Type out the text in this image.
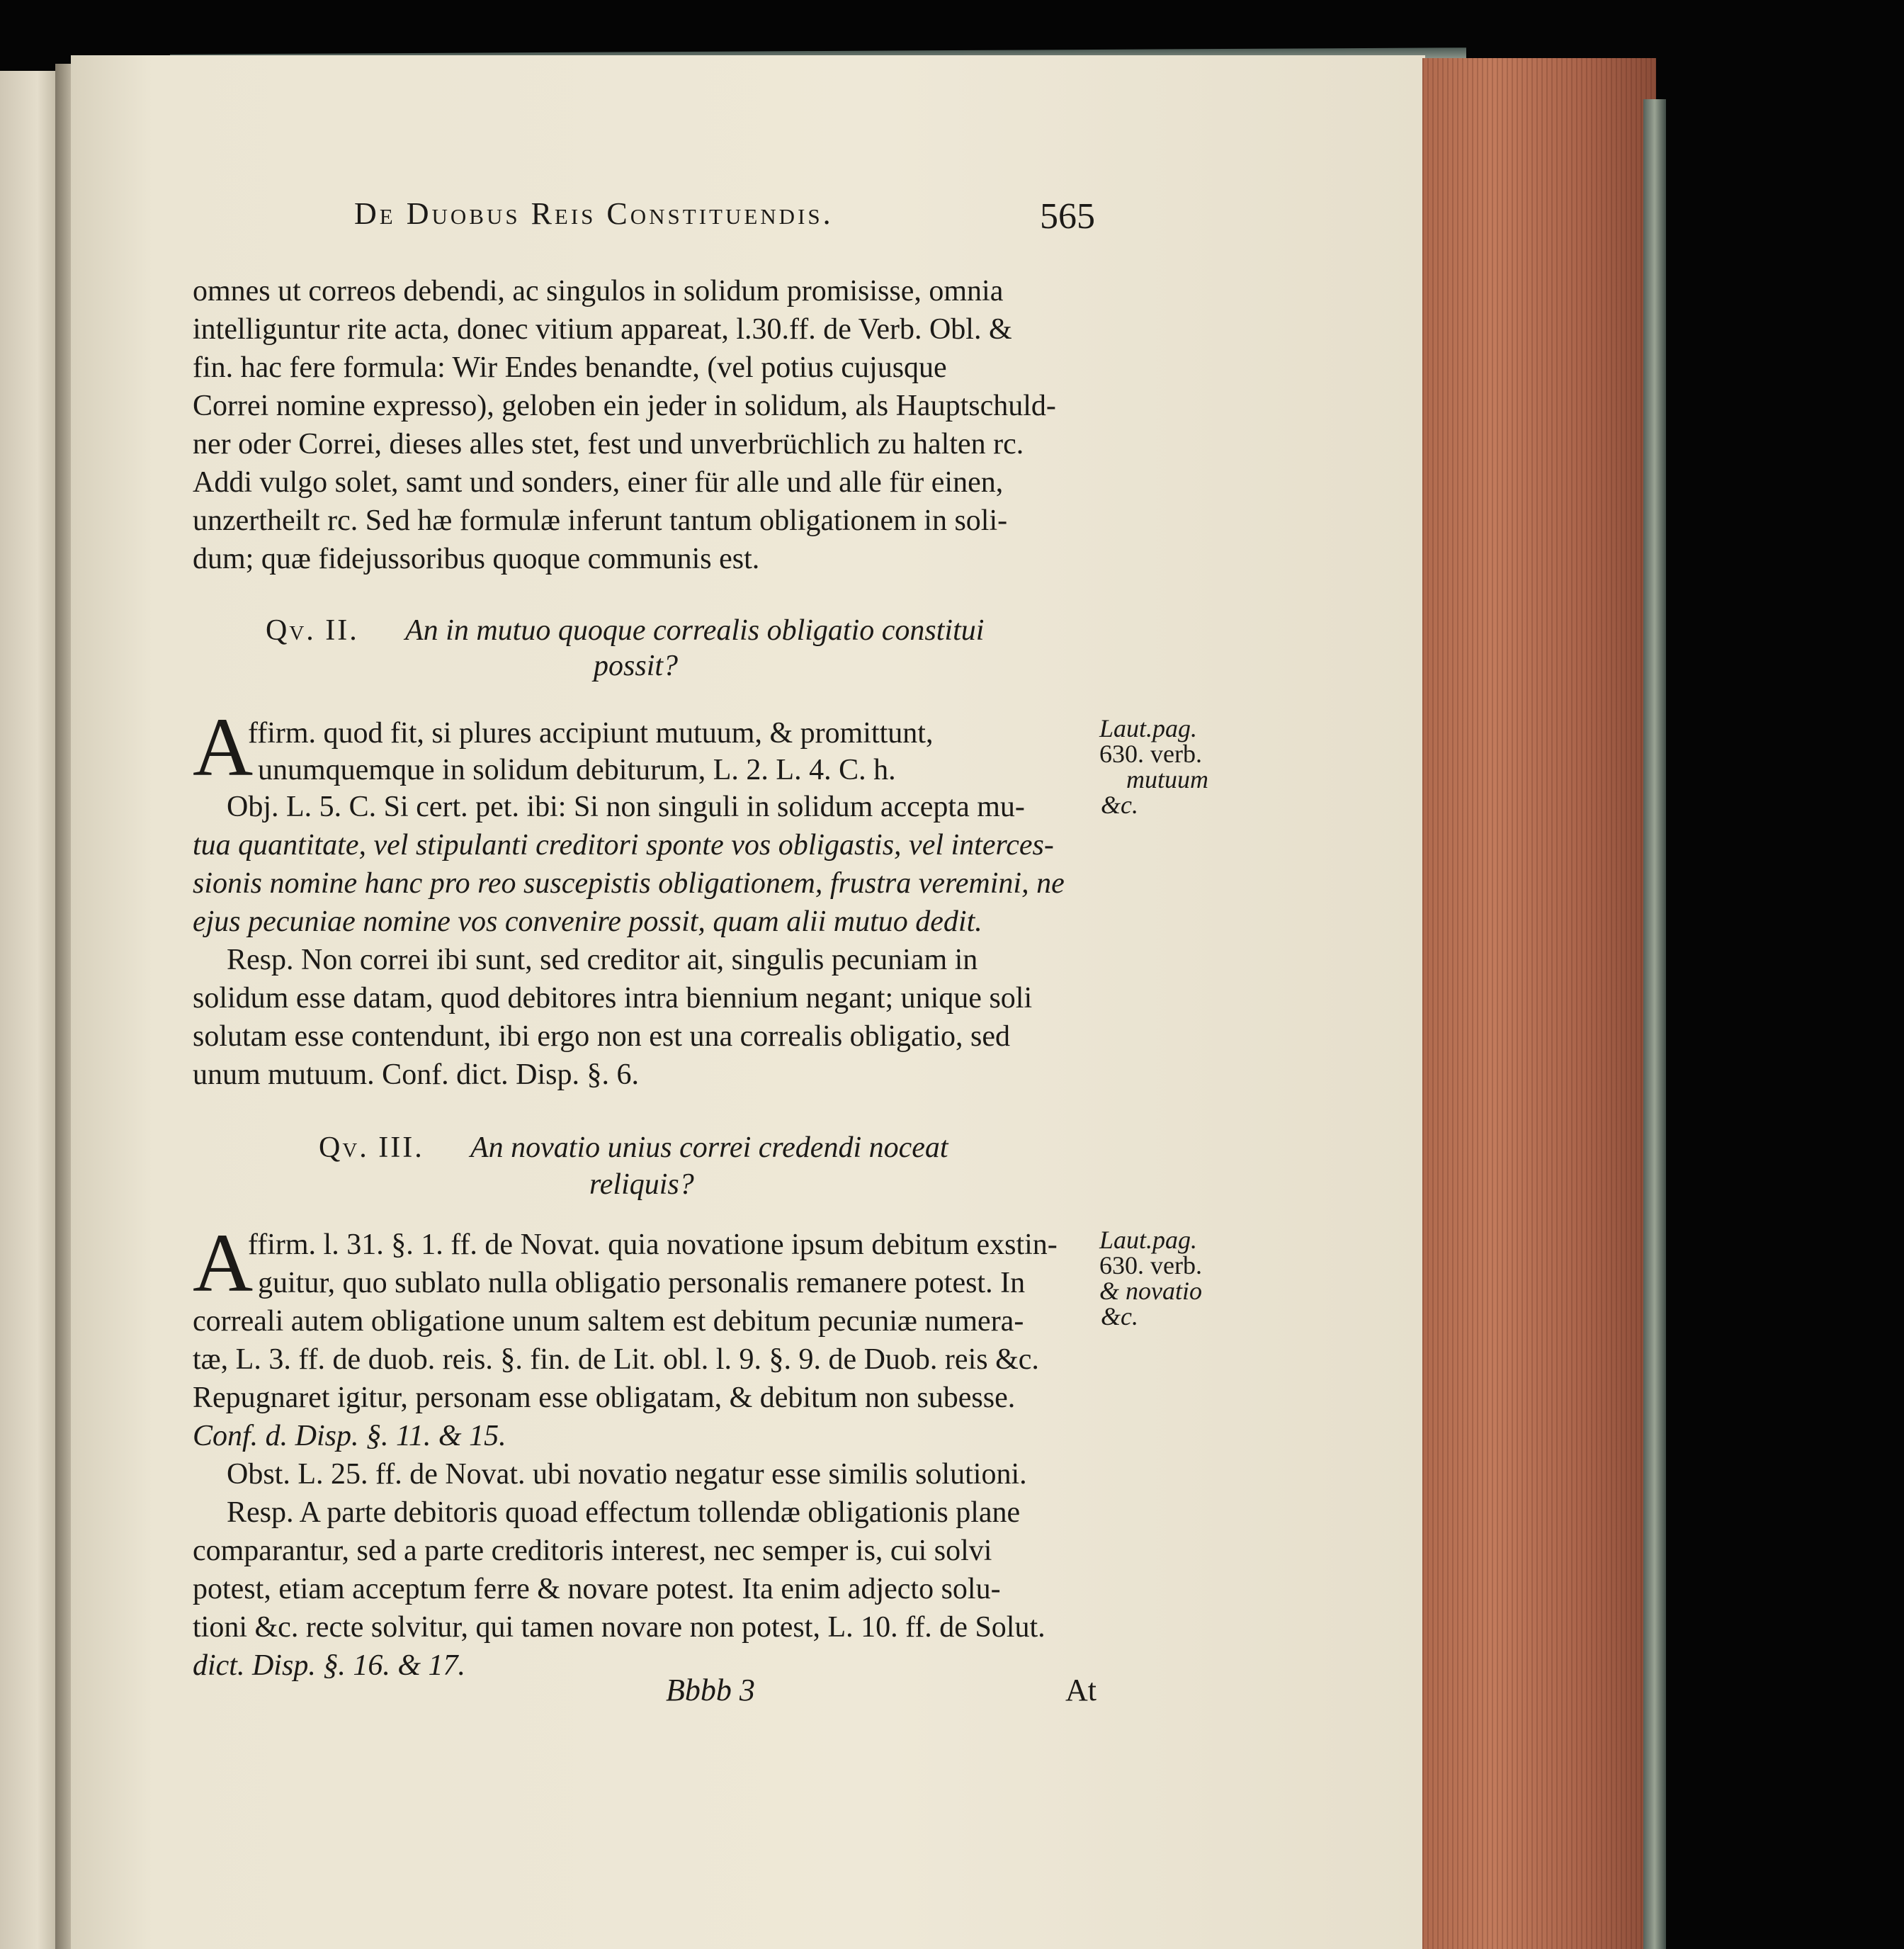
De Duobus Reis Constituendis.	565
omnes ut correos debendi, ac singulos in solidum promisisse, omnia
intelliguntur rite acta, donec vitium appareat, l.30.ff. de Verb. Obl. &
fin. hac fere formula: Wir Endes benandte, (vel potius cujusque
Correi nomine expresso), geloben ein jeder in solidum, als Hauptschuld-
ner oder Correi, dieses alles stet, fest und unverbrüchlich zu halten rc.
Addi vulgo solet, samt und sonders, einer für alle und alle für einen,
unzertheilt rc. Sed hæ formulæ inferunt tantum obligationem in soli-
dum; quæ fidejussoribus quoque communis est.
Qv. II. An in mutuo quoque correalis obligatio constitui
possit?
A
ffirm. quod fit, si plures accipiunt mutuum, & promittunt,
unumquemque in solidum debiturum, L. 2. L. 4. C. h.
Obj. L. 5. C. Si cert. pet. ibi: Si non singuli in solidum accepta mu-
tua quantitate, vel stipulanti creditori sponte vos obligastis, vel interces-
sionis nomine hanc pro reo suscepistis obligationem, frustra veremini, ne
ejus pecuniae nomine vos convenire possit, quam alii mutuo dedit.
Resp. Non correi ibi sunt, sed creditor ait, singulis pecuniam in
solidum esse datam, quod debitores intra biennium negant; unique soli
solutam esse contendunt, ibi ergo non est una correalis obligatio, sed
unum mutuum. Conf. dict. Disp. §. 6.
Laut.pag.
630. verb.
mutuum
&c.
Qv. III. An novatio unius correi credendi noceat
reliquis?
A
ffirm. l. 31. §. 1. ff. de Novat. quia novatione ipsum debitum exstin-
guitur, quo sublato nulla obligatio personalis remanere potest. In
correali autem obligatione unum saltem est debitum pecuniæ numera-
tæ, L. 3. ff. de duob. reis. §. fin. de Lit. obl. l. 9. §. 9. de Duob. reis &c.
Repugnaret igitur, personam esse obligatam, & debitum non subesse.
Conf. d. Disp. §. 11. & 15.
Obst. L. 25. ff. de Novat. ubi novatio negatur esse similis solutioni.
Resp. A parte debitoris quoad effectum tollendæ obligationis plane
comparantur, sed a parte creditoris interest, nec semper is, cui solvi
potest, etiam acceptum ferre & novare potest. Ita enim adjecto solu-
tioni &c. recte solvitur, qui tamen novare non potest, L. 10. ff. de Solut.
dict. Disp. §. 16. & 17.
Laut.pag.
630. verb.
& novatio
&c.
Bbbb 3	At
